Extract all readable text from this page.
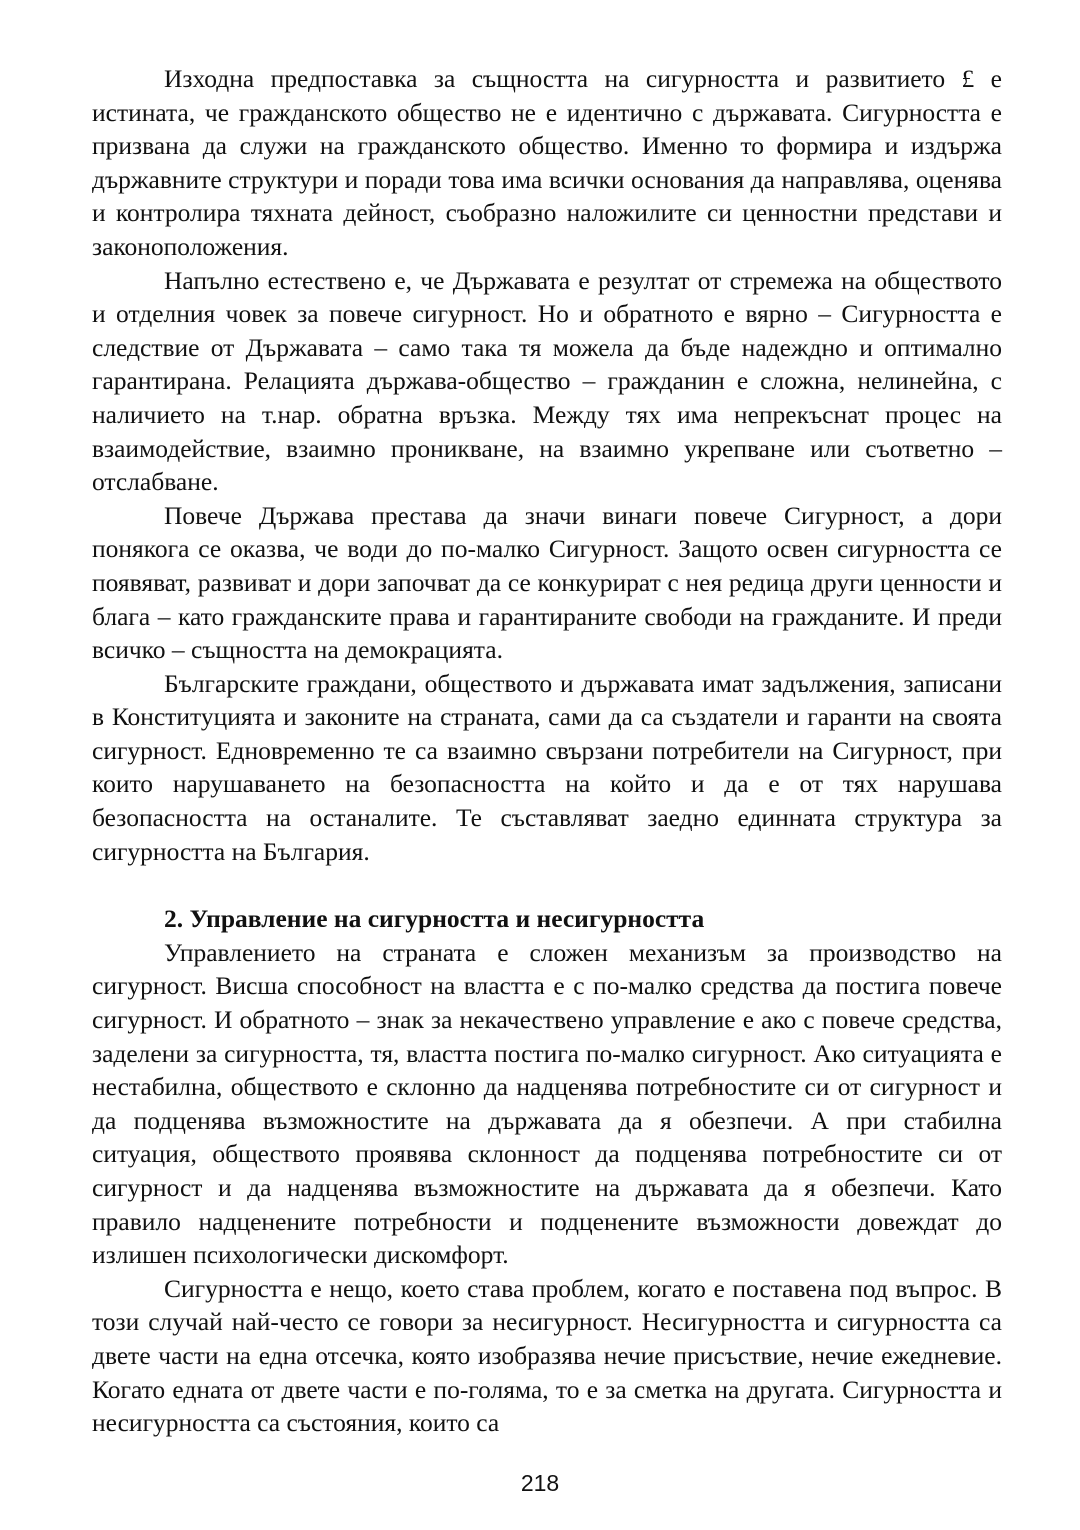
Изходна предпоставка за същността на сигурността и развитието £ е истината, че гражданското общество не е идентично с държавата. Сигурността е призвана да служи на гражданското общество. Именно то формира и издържа държавните структури и поради това има всички основания да направлява, оценява и контролира тяхната дейност, съобразно наложилите си ценностни представи и законоположения.

Напълно естествено е, че Държавата е резултат от стремежа на обществото и отделния човек за повече сигурност. Но и обратното е вярно – Сигурността е следствие от Държавата – само така тя можела да бъде надеждно и оптимално гарантирана. Релацията държава-общество – гражданин е сложна, нелинейна, с наличието на т.нар. обратна връзка. Между тях има непрекъснат процес на взаимодействие, взаимно проникване, на взаимно укрепване или съответно – отслабване.

Повече Държава престава да значи винаги повече Сигурност, а дори понякога се оказва, че води до по-малко Сигурност. Защото освен сигурността се появяват, развиват и дори започват да се конкурират с нея редица други ценности и блага – като гражданските права и гарантираните свободи на гражданите. И преди всичко – същността на демокрацията.

Българските граждани, обществото и държавата имат задължения, записани в Конституцията и законите на страната, сами да са създатели и гаранти на своята сигурност. Едновременно те са взаимно свързани потребители на Сигурност, при които нарушаването на безопасността на който и да е от тях нарушава безопасността на останалите. Те съставляват заедно единната структура за сигурността на България.

2. Управление на сигурността и несигурността

Управлението на страната е сложен механизъм за производство на сигурност. Висша способност на властта е с по-малко средства да постига повече сигурност. И обратното – знак за некачествено управление е ако с повече средства, заделени за сигурността, тя, властта постига по-малко сигурност. Ако ситуацията е нестабилна, обществото е склонно да надценява потребностите си от сигурност и да подценява възможностите на държавата да я обезпечи. А при стабилна ситуация, обществото проявява склонност да подценява потребностите си от сигурност и да надценява възможностите на държавата да я обезпечи. Като правило надценените потребности и подценените възможности довеждат до излишен психологически дискомфорт.

Сигурността е нещо, което става проблем, когато е поставена под въпрос. В този случай най-често се говори за несигурност. Несигурността и сигурността са двете части на една отсечка, която изобразява нечие присъствие, нечие ежедневие. Когато едната от двете части е по-голяма, то е за сметка на другата. Сигурността и несигурността са състояния, които са

218
